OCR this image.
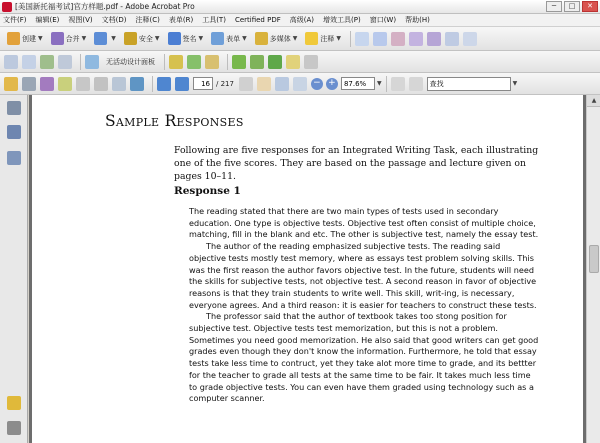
[美国新托福考试]官方样题.pdf - Adobe Acrobat Pro	─	□	✕
文件(F) 编辑(E) 视图(V) 文档(D) 注释(C) 表单(R) 工具(T) Certified PDF 高级(A) 增效工具(P) 窗口(W) 帮助(H)
创建 ▼	合并 ▼	▼	安全 ▼	签名 ▼	表单 ▼	多媒体 ▼	注释 ▼
无活动设计面板
16
/ 217	− +
87.6%	▼
查找	▼
Sample Responses
Following are five responses for an Integrated Writing Task, each illustrating one of the five scores. They are based on the passage and lecture given on pages 10–11.
Response 1

The reading stated that there are two main types of tests used in secondary education. One type is objective tests. Objective test often consist of multiple choice, matching, fill in the blank and etc. The other is subjective test, namely the essay test.

The author of the reading emphasized subjective tests. The reading said objective tests mostly test memory, where as essays test problem solving skills. This was the first reason the author favors objective test. In the future, students will need the skills for subjective tests, not objective test. A second reason in favor of objective reasons is that they train students to write well. This skill, writ-ing, is necessary, everyone agrees. And a third reason: it is easier for teachers to construct these tests.

The professor said that the author of textbook takes too stong position for subjective test. Objective tests test memorization, but this is not a problem. Sometimes you need good memorization. He also said that good writers can get good grades even though they don't know the information. Furthermore, he told that essay tests take less time to contruct, yet they take alot more time to grade, and its bettter for the teacher to grade all tests at the same time to be fair. It takes much less time to grade objective tests. You can even have them graded using technology such as a computer scanner.

▲
